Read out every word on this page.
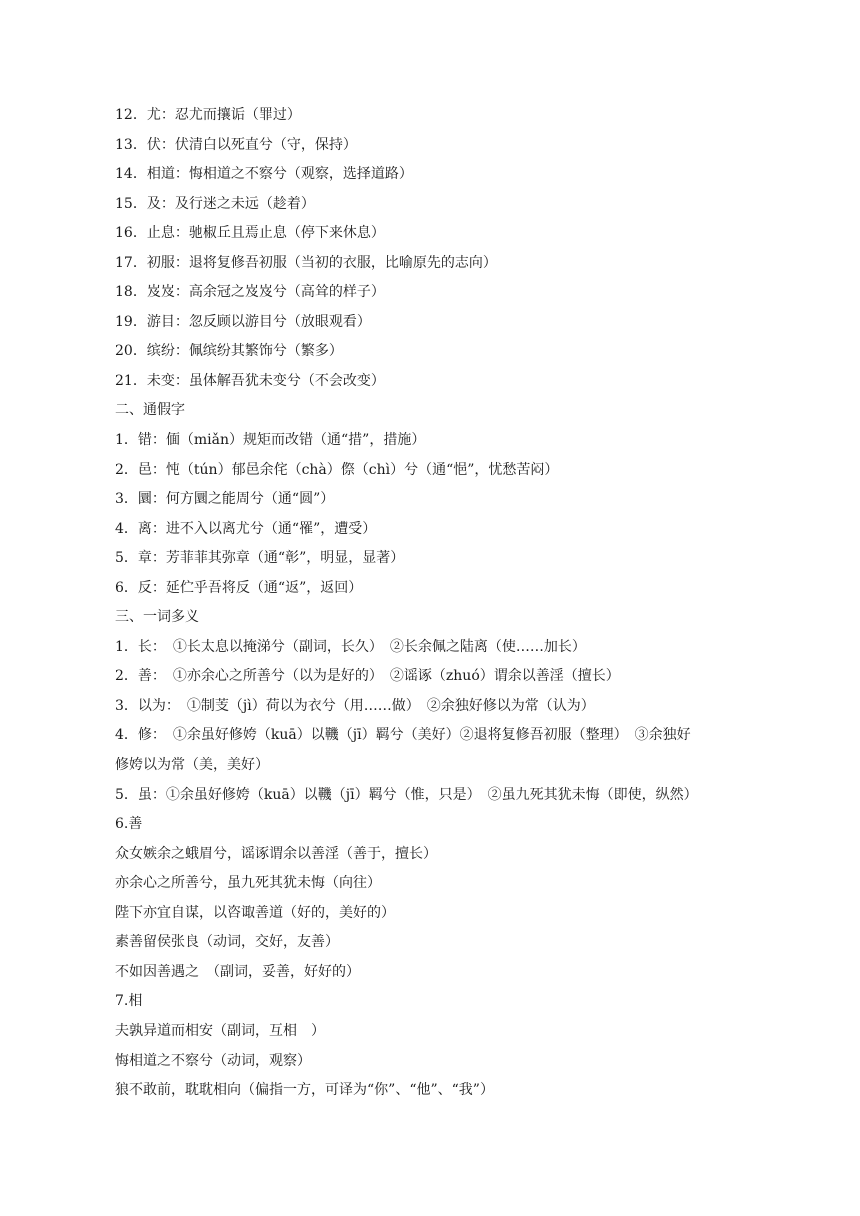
12．尤：忍尤而攘诟（罪过）
13．伏：伏清白以死直兮（守，保持）
14．相道：悔相道之不察兮（观察，选择道路）
15．及：及行迷之未远（趁着）
16．止息：驰椒丘且焉止息（停下来休息）
17．初服：退将复修吾初服（当初的衣服，比喻原先的志向）
18．岌岌：高余冠之岌岌兮（高耸的样子）
19．游目：忽反顾以游目兮（放眼观看）
20．缤纷：佩缤纷其繁饰兮（繁多）
21．未变：虽体解吾犹未变兮（不会改变）
二、通假字
1．错：偭（miǎn）规矩而改错（通“措”，措施）
2．邑：忳（tún）郁邑余侘（chà）傺（chì）兮（通“悒”，忧愁苦闷）
3．圜：何方圜之能周兮（通“圆”）
4．离：进不入以离尤兮（通“罹”，遭受）
5．章：芳菲菲其弥章（通“彰”，明显，显著）
6．反：延伫乎吾将反（通“返”，返回）
三、一词多义
1．长：　①长太息以掩涕兮（副词，长久）　②长余佩之陆离（使……加长）
2．善：　①亦余心之所善兮（以为是好的）　②谣诼（zhuó）谓余以善淫（擅长）
3．以为：　①制芰（jì）荷以为衣兮（用……做）　②余独好修以为常（认为）
4．修：　①余虽好修姱（kuā）以鞿（jī）羁兮（美好）②退将复修吾初服（整理）　③余独好
修姱以为常（美，美好）
5．虽：①余虽好修姱（kuā）以鞿（jī）羁兮（惟，只是）　②虽九死其犹未悔（即使，纵然）
6.善
众女嫉余之蛾眉兮，谣诼谓余以善淫（善于，擅长）
亦余心之所善兮，虽九死其犹未悔（向往）
陛下亦宜自谋，以咨诹善道（好的，美好的）
素善留侯张良（动词，交好，友善）
不如因善遇之　（副词，妥善，好好的）
7.相
夫孰异道而相安（副词，互相　）
悔相道之不察兮（动词，观察）
狼不敢前，耽耽相向（偏指一方，可译为“你”、“他”、“我”）
